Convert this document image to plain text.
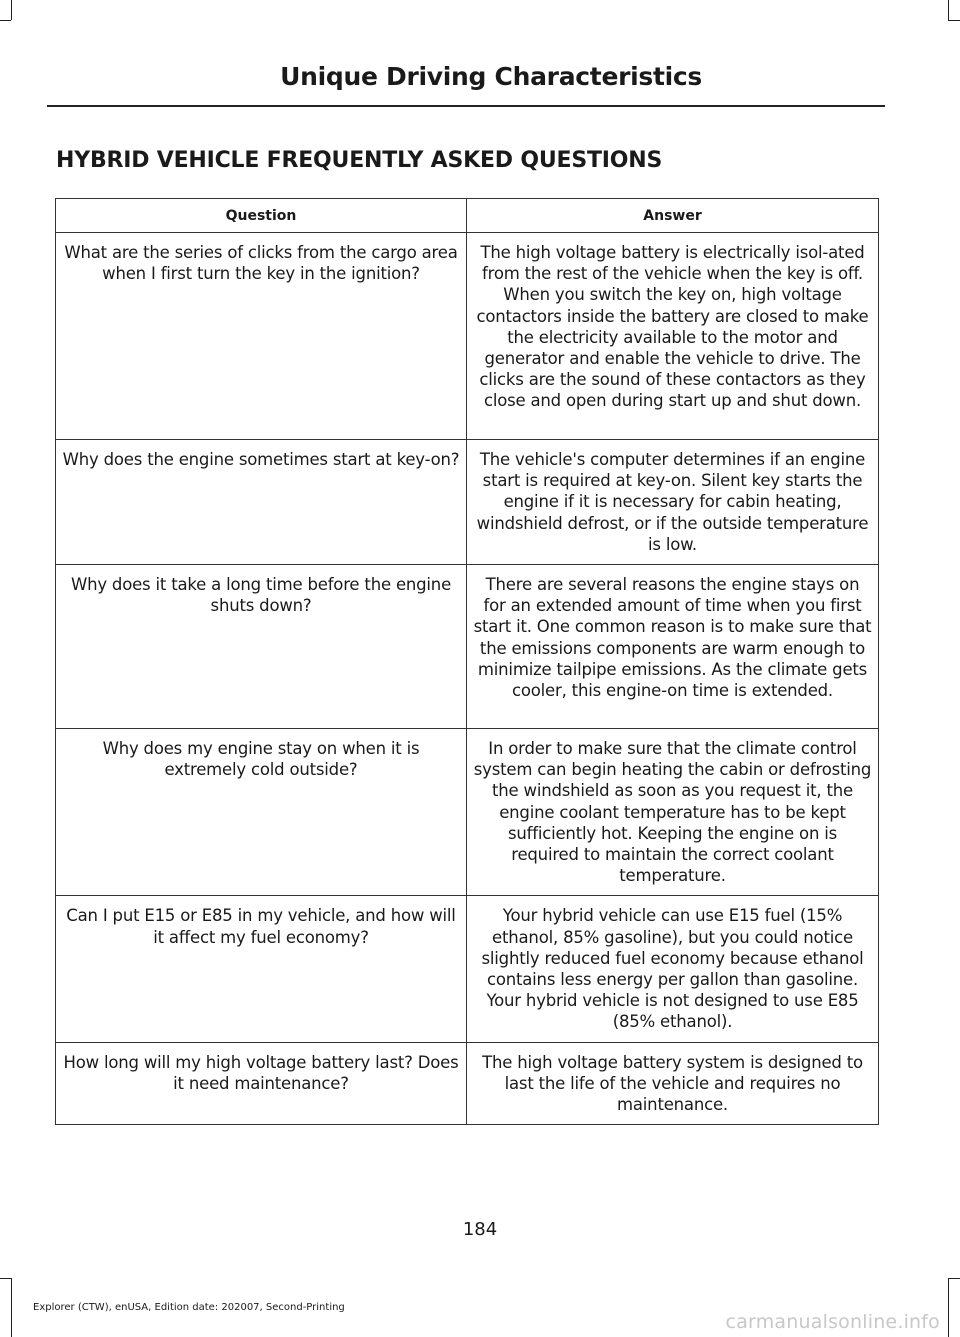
Unique Driving Characteristics
HYBRID VEHICLE FREQUENTLY ASKED QUESTIONS
Question	Answer
What are the series of clicks from the cargo area when I first turn the key in the ignition?	The high voltage battery is electrically isol-ated from the rest of the vehicle when the key is off. When you switch the key on, high voltage contactors inside the battery are closed to make the electricity available to the motor and generator and enable the vehicle to drive. The clicks are the sound of these contactors as they close and open during start up and shut down.
Why does the engine sometimes start at key-on?	The vehicle's computer determines if an engine start is required at key-on. Silent key starts the engine if it is necessary for cabin heating, windshield defrost, or if the outside temperature is low.
Why does it take a long time before the engine shuts down?	There are several reasons the engine stays on for an extended amount of time when you first start it. One common reason is to make sure that the emissions components are warm enough to minimize tailpipe emissions. As the climate gets cooler, this engine-on time is extended.
Why does my engine stay on when it is extremely cold outside?	In order to make sure that the climate control system can begin heating the cabin or defrosting the windshield as soon as you request it, the engine coolant temperature has to be kept sufficiently hot. Keeping the engine on is required to maintain the correct coolant temperature.
Can I put E15 or E85 in my vehicle, and how will it affect my fuel economy?	Your hybrid vehicle can use E15 fuel (15% ethanol, 85% gasoline), but you could notice slightly reduced fuel economy because ethanol contains less energy per gallon than gasoline. Your hybrid vehicle is not designed to use E85 (85% ethanol).
How long will my high voltage battery last? Does it need maintenance?	The high voltage battery system is designed to last the life of the vehicle and requires no maintenance.
184
Explorer (CTW), enUSA, Edition date: 202007, Second-Printing
carmanualsonline.info
